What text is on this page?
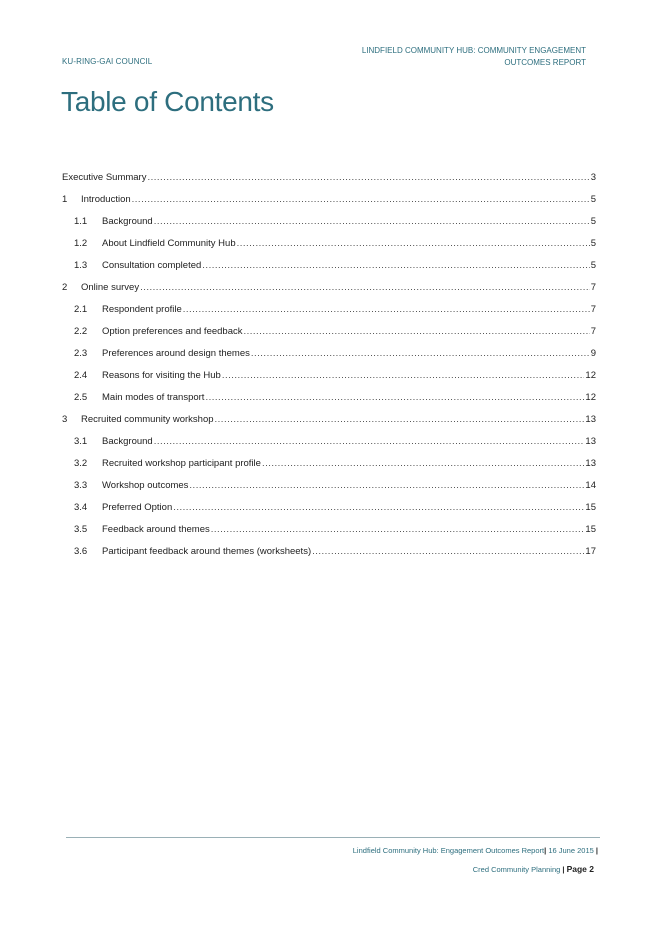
KU-RING-GAI COUNCIL
LINDFIELD COMMUNITY HUB: COMMUNITY ENGAGEMENT
OUTCOMES REPORT
Table of Contents
Executive Summary .....	3
1	Introduction .....	5
1.1	Background .....	5
1.2	About Lindfield Community Hub .....	5
1.3	Consultation completed .....	5
2	Online survey .....	7
2.1	Respondent profile .....	7
2.2	Option preferences and feedback .....	7
2.3	Preferences around design themes .....	9
2.4	Reasons for visiting the Hub .....	12
2.5	Main modes of transport .....	12
3	Recruited community workshop .....	13
3.1	Background .....	13
3.2	Recruited workshop participant profile .....	13
3.3	Workshop outcomes .....	14
3.4	Preferred Option .....	15
3.5	Feedback around themes .....	15
3.6	Participant feedback around themes (worksheets) .....	17
Lindfield Community Hub: Engagement Outcomes Report| 16 June 2015 |
Cred Community Planning | Page 2
